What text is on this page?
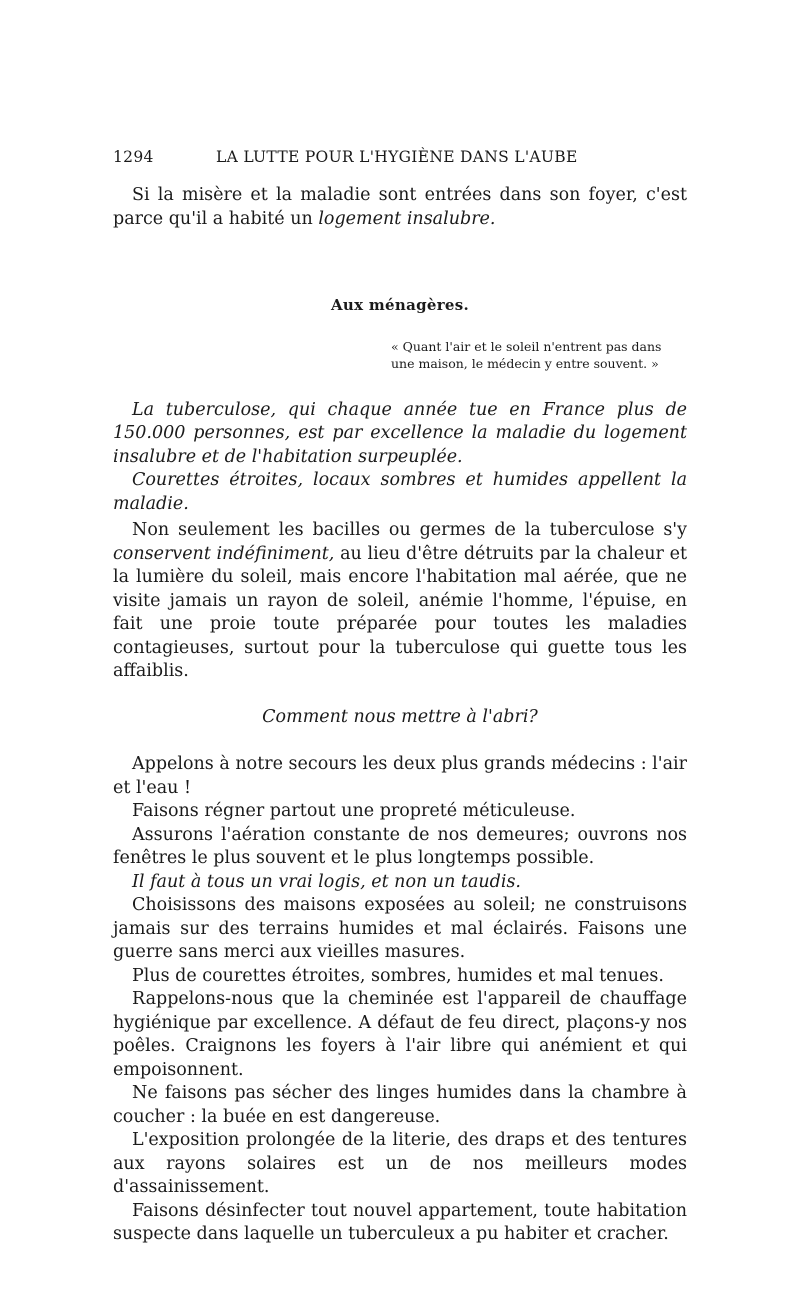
1294	LA LUTTE POUR L'HYGIÈNE DANS L'AUBE

Si la misère et la maladie sont entrées dans son foyer, c'est parce qu'il a habité un logement insalubre.

Aux ménagères.

« Quant l'air et le soleil n'entrent pas dans une maison, le médecin y entre souvent. »

La tuberculose, qui chaque année tue en France plus de 150.000 personnes, est par excellence la maladie du logement insalubre et de l'habitation surpeuplée.

Courettes étroites, locaux sombres et humides appellent la maladie.

Non seulement les bacilles ou germes de la tuberculose s'y conservent indéfiniment, au lieu d'être détruits par la chaleur et la lumière du soleil, mais encore l'habitation mal aérée, que ne visite jamais un rayon de soleil, anémie l'homme, l'épuise, en fait une proie toute préparée pour toutes les maladies contagieuses, surtout pour la tuberculose qui guette tous les affaiblis.

Comment nous mettre à l'abri?

Appelons à notre secours les deux plus grands médecins : l'air et l'eau !

Faisons régner partout une propreté méticuleuse.

Assurons l'aération constante de nos demeures; ouvrons nos fenêtres le plus souvent et le plus longtemps possible.

Il faut à tous un vrai logis, et non un taudis.

Choisissons des maisons exposées au soleil; ne construisons jamais sur des terrains humides et mal éclairés. Faisons une guerre sans merci aux vieilles masures.

Plus de courettes étroites, sombres, humides et mal tenues.

Rappelons-nous que la cheminée est l'appareil de chauffage hygiénique par excellence. A défaut de feu direct, plaçons-y nos poêles. Craignons les foyers à l'air libre qui anémient et qui empoisonnent.

Ne faisons pas sécher des linges humides dans la chambre à coucher : la buée en est dangereuse.

L'exposition prolongée de la literie, des draps et des tentures aux rayons solaires est un de nos meilleurs modes d'assainissement.

Faisons désinfecter tout nouvel appartement, toute habitation suspecte dans laquelle un tuberculeux a pu habiter et cracher.
